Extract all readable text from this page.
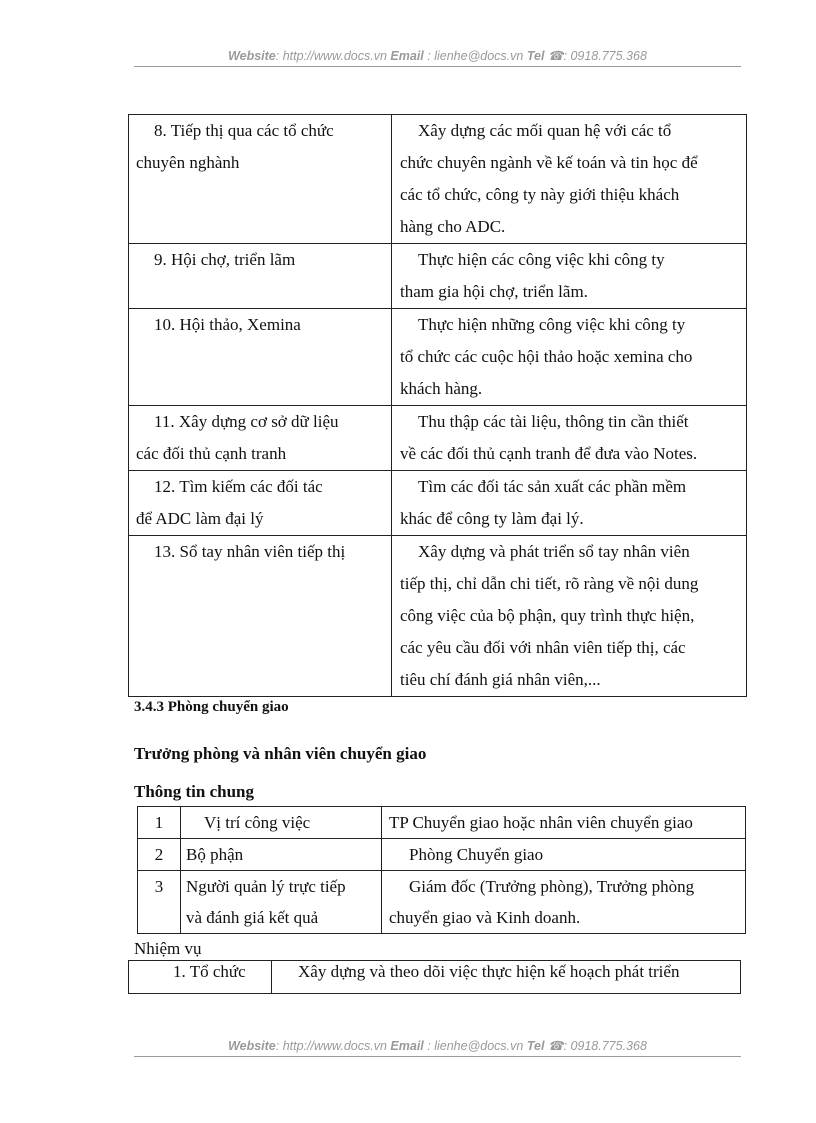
Website: http://www.docs.vn Email : lienhe@docs.vn Tel ☎: 0918.775.368
8. Tiếp thị qua các tổ chức
chuyên nghành	Xây dựng các mối quan hệ với các tổ
chức chuyên ngành về kế toán và tin học để
các tổ chức, công ty này giới thiệu khách
hàng cho ADC.
9. Hội chợ, triển lãm	Thực hiện các công việc khi công ty
tham gia hội chợ, triển lãm.
10. Hội thảo, Xemina	Thực hiện những công việc khi công ty
tổ chức các cuộc hội thảo hoặc xemina cho
khách hàng.
11. Xây dựng cơ sở dữ liệu
các đối thủ cạnh tranh	Thu thập các tài liệu, thông tin cần thiết
về các đối thủ cạnh tranh để đưa vào Notes.
12. Tìm kiếm các đối tác
để ADC làm đại lý	Tìm các đối tác sản xuất các phần mềm
khác để công ty làm đại lý.
13. Sổ tay nhân viên tiếp thị	Xây dựng và phát triển sổ tay nhân viên
tiếp thị, chỉ dẫn chi tiết, rõ ràng về nội dung
công việc của bộ phận, quy trình thực hiện,
các yêu cầu đối với nhân viên tiếp thị, các
tiêu chí đánh giá nhân viên,...
3.4.3 Phòng chuyển giao
Trưởng phòng và nhân viên chuyển giao
Thông tin chung
1	Vị trí công việc	TP Chuyển giao hoặc nhân viên chuyển giao
2	Bộ phận	Phòng Chuyển giao
3	Người quản lý trực tiếp
và đánh giá kết quả	Giám đốc (Trưởng phòng), Trưởng phòng
chuyển giao và Kinh doanh.
Nhiệm vụ
1. Tổ chức	Xây dựng và theo dõi việc thực hiện kế hoạch phát triển
Website: http://www.docs.vn Email : lienhe@docs.vn Tel ☎: 0918.775.368
